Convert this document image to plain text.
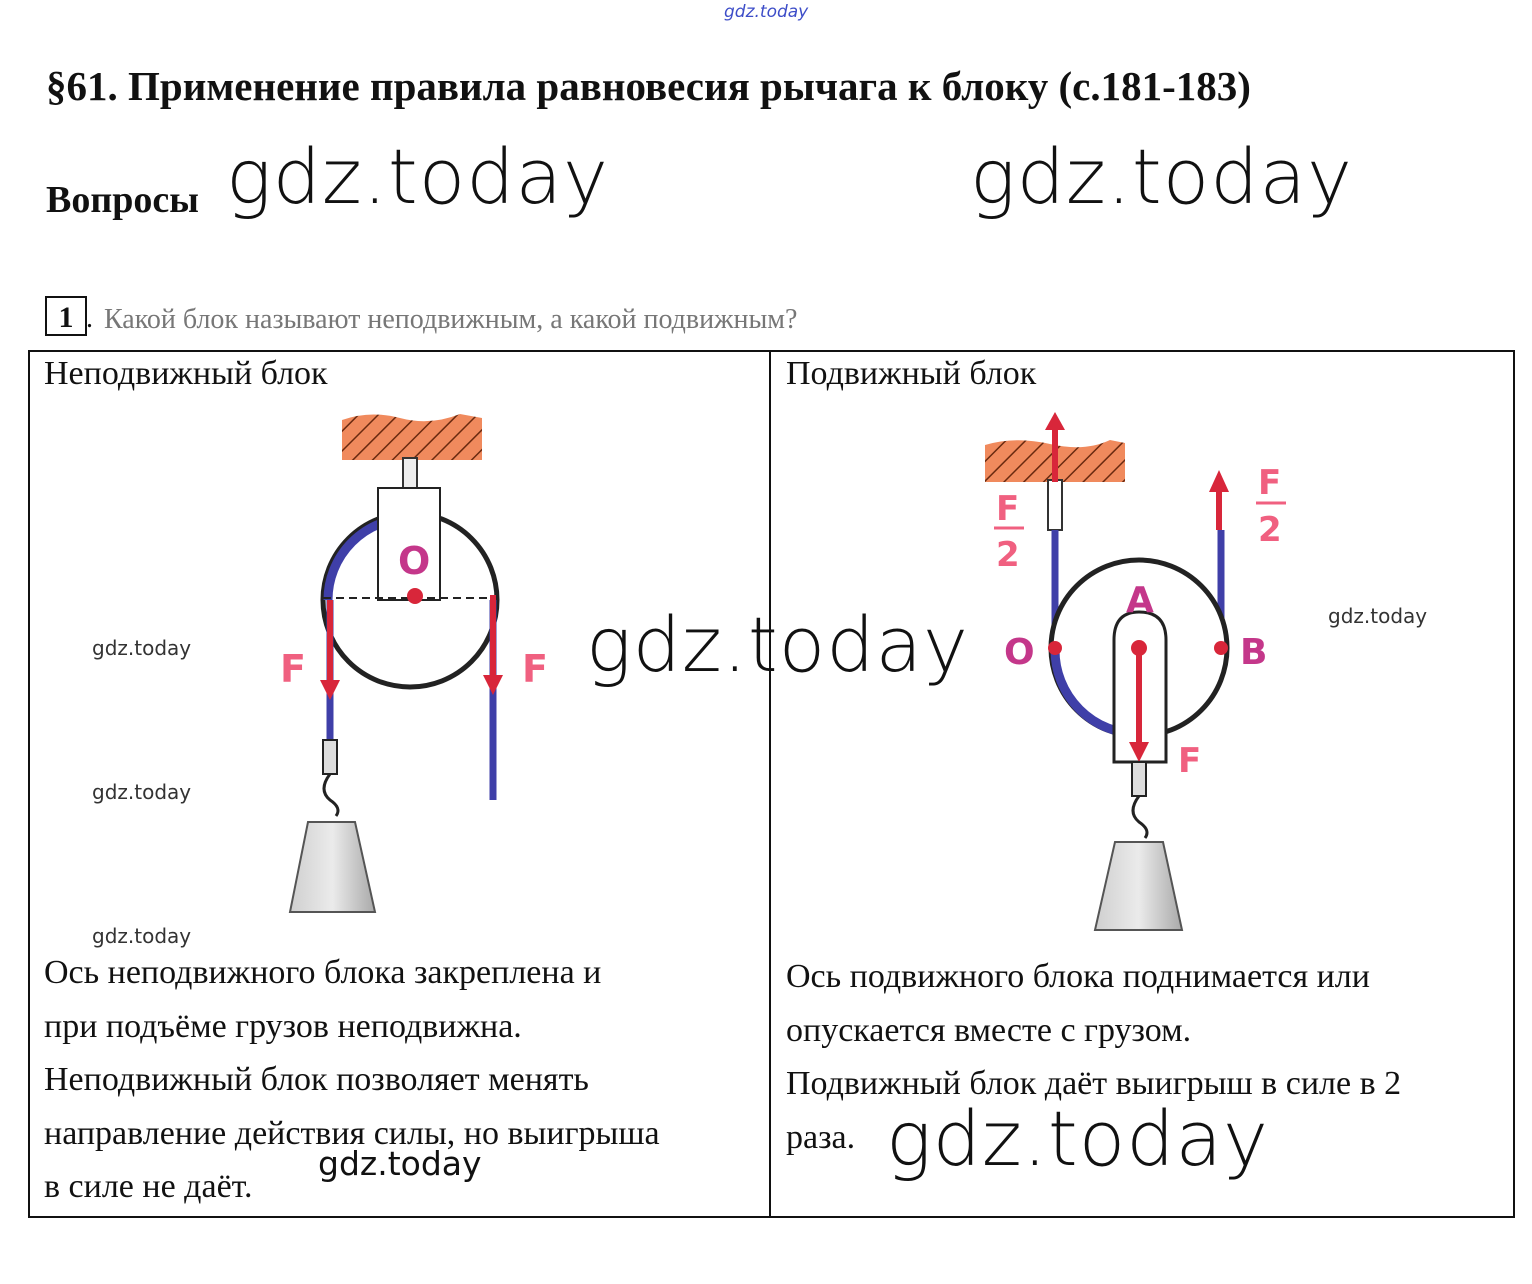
gdz.today
§61. Применение правила равновесия рычага к блоку (с.181-183)
Вопросы gdz.today	gdz.today
1 . Какой блок называют неподвижным, а какой подвижным?
Неподвижный блок	Подвижный блок
O
F	F
F
2
F
2
A
O	B
F
gdz.today
gdz.today
gdz.today
gdz.today
gdz.today
Ось неподвижного блока закреплена и
при подъёме грузов неподвижна.
Неподвижный блок позволяет менять
направление действия силы, но выигрыша
в силе не даёт.
Ось подвижного блока поднимается или
опускается вместе с грузом.
Подвижный блок даёт выигрыш в силе в 2
раза.
gdz.today	gdz.today
